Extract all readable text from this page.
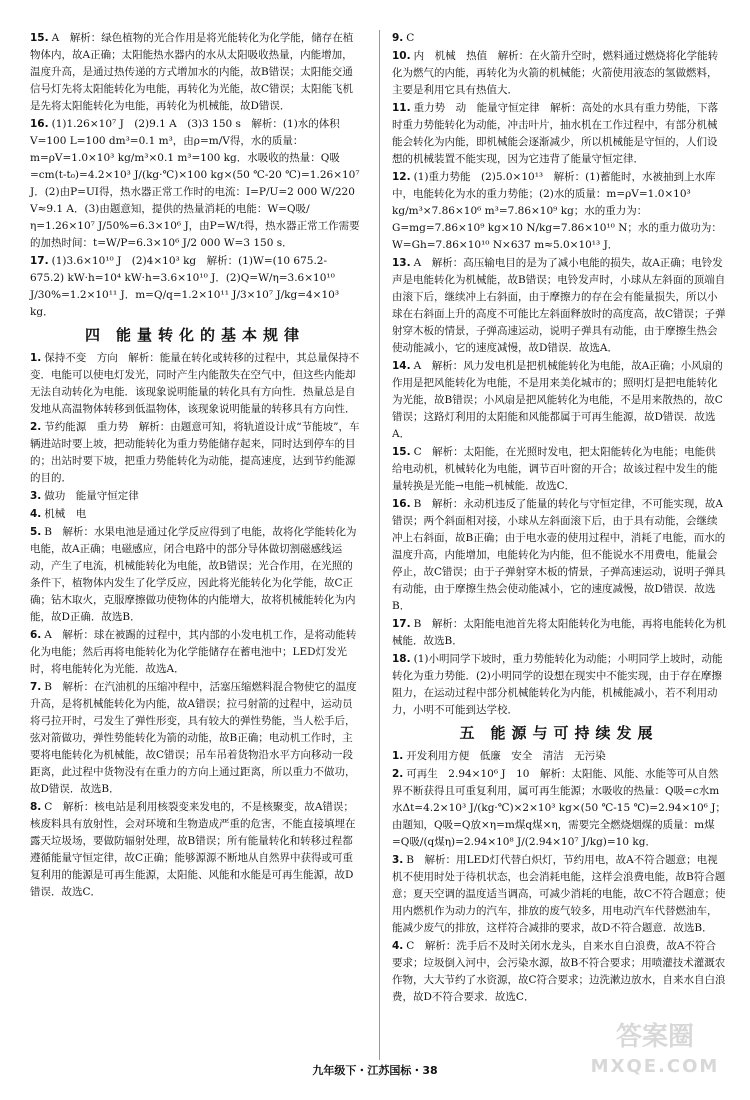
15. A　解析：绿色植物的光合作用是将光能转化为化学能，储存在植物体内，故A正确；太阳能热水器内的水从太阳吸收热量，内能增加，温度升高，是通过热传递的方式增加水的内能，故B错误；太阳能交通信号灯先将太阳能转化为电能，再转化为光能，故C错误；太阳能飞机是先将太阳能转化为电能，再转化为机械能，故D错误．
16. (1)1.26×10⁷ J　(2)9.1 A　(3)3 150 s　解析：(1)水的体积V=100 L=100 dm³=0.1 m³，由ρ=m/V得，水的质量：m=ρV=1.0×10³ kg/m³×0.1 m³=100 kg．水吸收的热量：Q吸=cm(t-t₀)=4.2×10³ J/(kg·℃)×100 kg×(50 ℃-20 ℃)=1.26×10⁷ J．(2)由P=UI得，热水器正常工作时的电流：I=P/U=2 000 W/220 V≈9.1 A．(3)由题意知，提供的热量消耗的电能：W=Q吸/η=1.26×10⁷ J/50%=6.3×10⁶ J，由P=W/t得，热水器正常工作需要的加热时间：t=W/P=6.3×10⁶ J/2 000 W=3 150 s．
17. (1)3.6×10¹⁰ J　(2)4×10³ kg　解析：(1)W=(10 675.2-675.2) kW·h=10⁴ kW·h=3.6×10¹⁰ J．(2)Q=W/η=3.6×10¹⁰ J/30%=1.2×10¹¹ J．m=Q/q=1.2×10¹¹ J/3×10⁷ J/kg=4×10³ kg．
四 能量转化的基本规律
1. 保持不变　方向　解析：能量在转化或转移的过程中，其总量保持不变．电能可以使电灯发光，同时产生内能散失在空气中，但这些内能却无法自动转化为电能．该现象说明能量的转化具有方向性．热量总是自发地从高温物体转移到低温物体，该现象说明能量的转移具有方向性．
2. 节约能源　重力势　解析：由题意可知，将轨道设计成“节能坡”，车辆进站时要上坡，把动能转化为重力势能储存起来，同时达到停车的目的；出站时要下坡，把重力势能转化为动能，提高速度，达到节约能源的目的．
3. 做功　能量守恒定律
4. 机械　电
5. B　解析：水果电池是通过化学反应得到了电能，故将化学能转化为电能，故A正确；电磁感应，闭合电路中的部分导体做切割磁感线运动，产生了电流，机械能转化为电能，故B错误；光合作用，在光照的条件下，植物体内发生了化学反应，因此将光能转化为化学能，故C正确；钻木取火，克服摩擦做功使物体的内能增大，故将机械能转化为内能，故D正确．故选B．
6. A　解析：球在被踢的过程中，其内部的小发电机工作，是将动能转化为电能；然后再将电能转化为化学能储存在蓄电池中；LED灯发光时，将电能转化为光能．故选A．
7. B　解析：在汽油机的压缩冲程中，活塞压缩燃料混合物使它的温度升高，是将机械能转化为内能，故A错误；拉弓射箭的过程中，运动员将弓拉开时，弓发生了弹性形变，具有较大的弹性势能，当人松手后，弦对箭做功，弹性势能转化为箭的动能，故B正确；电动机工作时，主要将电能转化为机械能，故C错误；吊车吊着货物沿水平方向移动一段距离，此过程中货物没有在重力的方向上通过距离，所以重力不做功，故D错误．故选B．
8. C　解析：核电站是利用核裂变来发电的，不是核聚变，故A错误；核废料具有放射性，会对环境和生物造成严重的危害，不能直接填埋在露天垃圾场，要做防辐射处理，故B错误；所有能量转化和转移过程都遵循能量守恒定律，故C正确；能够源源不断地从自然界中获得或可重复利用的能源是可再生能源，太阳能、风能和水能是可再生能源，故D错误．故选C．
9. C
10. 内　机械　热值　解析：在火箭升空时，燃料通过燃烧将化学能转化为燃气的内能，再转化为火箭的机械能；火箭使用液态的氢做燃料，主要是利用它具有热值大．
11. 重力势　动　能量守恒定律　解析：高处的水具有重力势能，下落时重力势能转化为动能，冲击叶片，抽水机在工作过程中，有部分机械能会转化为内能，即机械能会逐渐减少，所以机械能是守恒的，人们设想的机械装置不能实现，因为它违背了能量守恒定律．
12. (1)重力势能　(2)5.0×10¹³　解析：(1)蓄能时，水被抽到上水库中，电能转化为水的重力势能；(2)水的质量：m=ρV=1.0×10³ kg/m³×7.86×10⁶ m³=7.86×10⁹ kg；水的重力为：G=mg=7.86×10⁹ kg×10 N/kg=7.86×10¹⁰ N；水的重力做功为：W=Gh=7.86×10¹⁰ N×637 m≈5.0×10¹³ J．
13. A　解析：高压输电目的是为了减小电能的损失，故A正确；电铃发声是电能转化为机械能，故B错误；电铃发声时，小球从左斜面的顶端自由滚下后，继续冲上右斜面，由于摩擦力的存在会有能量损失，所以小球在右斜面上升的高度不可能比左斜面释放时的高度高，故C错误；子弹射穿木板的情景，子弹高速运动，说明子弹具有动能，由于摩擦生热会使动能减小，它的速度减慢，故D错误．故选A．
14. A　解析：风力发电机是把机械能转化为电能，故A正确；小风扇的作用是把风能转化为电能，不是用来美化城市的；照明灯是把电能转化为光能，故B错误；小风扇是把风能转化为电能，不是用来散热的，故C错误；这路灯利用的太阳能和风能都属于可再生能源，故D错误．故选A．
15. C　解析：太阳能，在光照时发电，把太阳能转化为电能；电能供给电动机，机械转化为电能，调节百叶窗的开合；故该过程中发生的能量转换是光能→电能→机械能．故选C．
16. B　解析：永动机违反了能量的转化与守恒定律，不可能实现，故A错误；两个斜面相对接，小球从左斜面滚下后，由于具有动能，会继续冲上右斜面，故B正确；由于电水壶的使用过程中，消耗了电能，而水的温度升高，内能增加，电能转化为内能，但不能说水不用费电，能量会停止，故C错误；由于子弹射穿木板的情景，子弹高速运动，说明子弹具有动能，由于摩擦生热会使动能减小，它的速度减慢，故D错误．故选B．
17. B　解析：太阳能电池首先将太阳能转化为电能，再将电能转化为机械能．故选B．
18. (1)小明同学下坡时，重力势能转化为动能；小明同学上坡时，动能转化为重力势能．(2)小明同学的设想在现实中不能实现，由于存在摩擦阻力，在运动过程中部分机械能转化为内能，机械能减小，若不利用动力，小明不可能到达学校．
五 能源与可持续发展
1. 开发利用方便　低廉　安全　清洁　无污染
2. 可再生　2.94×10⁶ J　10　解析：太阳能、风能、水能等可从自然界不断获得且可重复利用，属可再生能源；水吸收的热量：Q吸=c水m水Δt=4.2×10³ J/(kg·℃)×2×10³ kg×(50 ℃-15 ℃)=2.94×10⁶ J；由题知，Q吸=Q放×η=m煤q煤×η，需要完全燃烧烟煤的质量：m煤=Q吸/(q煤η)=2.94×10⁸ J/(2.94×10⁷ J/kg)=10 kg．
3. B　解析：用LED灯代替白炽灯，节约用电，故A不符合题意；电视机不使用时处于待机状态，也会消耗电能，这样会浪费电能，故B符合题意；夏天空调的温度适当调高，可减少消耗的电能，故C不符合题意；使用内燃机作为动力的汽车，排放的废气较多，用电动汽车代替燃油车，能减少废气的排放，这样符合减排的要求，故D不符合题意．故选B．
4. C　解析：洗手后不及时关闭水龙头，自来水自白浪费，故A不符合要求；垃圾倒入河中，会污染水源，故B不符合要求；用喷灌技术灌溉农作物，大大节约了水资源，故C符合要求；边洗漱边放水，自来水自白浪费，故D不符合要求．故选C．
九年级下・江苏国标・38
答案圈
MXQE.COM
